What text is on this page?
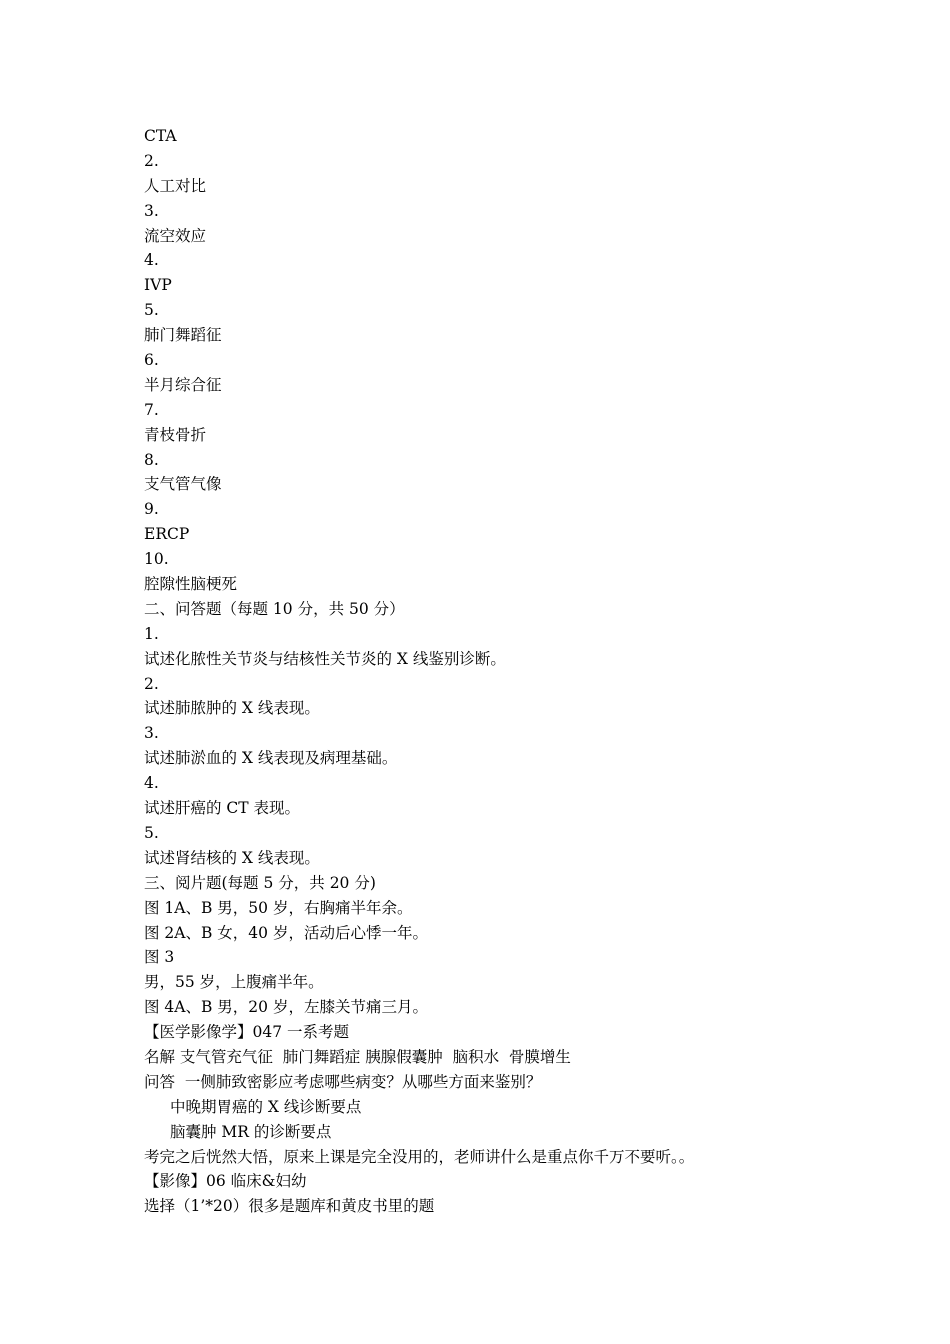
CTA
2.
人工对比
3.
流空效应
4.
IVP
5.
肺门舞蹈征
6.
半月综合征
7.
青枝骨折
8.
支气管气像
9.
ERCP
10.
腔隙性脑梗死
二、问答题（每题 10 分，共 50 分）
1.
试述化脓性关节炎与结核性关节炎的 X 线鉴别诊断。
2.
试述肺脓肿的 X 线表现。
3.
试述肺淤血的 X 线表现及病理基础。
4.
试述肝癌的 CT 表现。
5.
试述肾结核的 X 线表现。
三、阅片题(每题 5 分，共 20 分)
图 1A、B 男，50 岁，右胸痛半年余。
图 2A、B 女，40 岁，活动后心悸一年。
图 3
男，55 岁，上腹痛半年。
图 4A、B 男，20 岁，左膝关节痛三月。
【医学影像学】047 一系考题
名解 支气管充气征  肺门舞蹈症 胰腺假囊肿  脑积水  骨膜增生
问答  一侧肺致密影应考虑哪些病变？从哪些方面来鉴别？
中晚期胃癌的 X 线诊断要点
脑囊肿 MR 的诊断要点
考完之后恍然大悟，原来上课是完全没用的，老师讲什么是重点你千万不要听。。
【影像】06 临床&妇幼
选择（1’*20）很多是题库和黄皮书里的题
